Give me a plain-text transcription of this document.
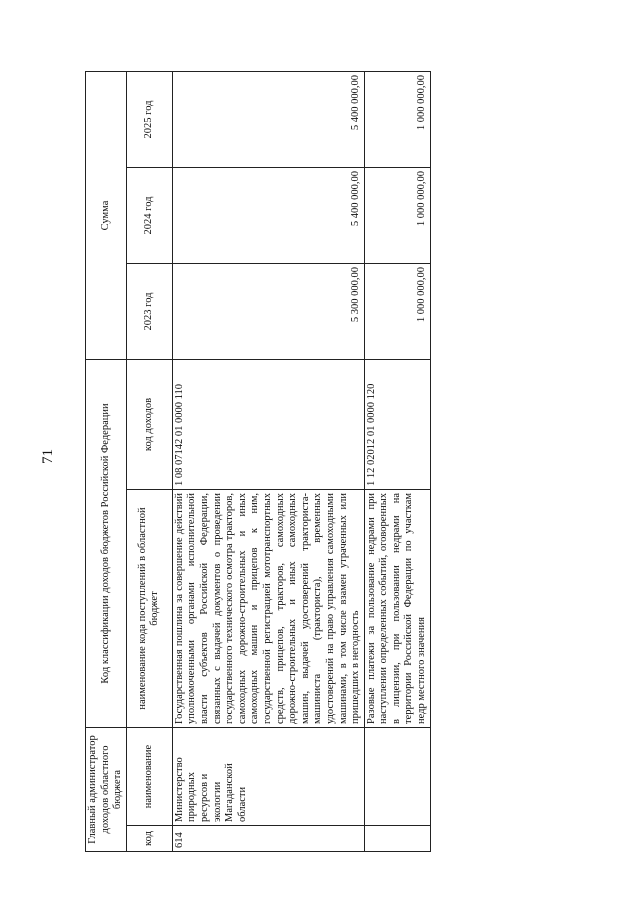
71
Главный администратор доходов областного бюджета		Код классификации доходов бюджетов Российской Федерации		Сумма		
код	наименование	наименование кода поступлений в областной бюджет	код доходов	2023 год	2024 год	2025 год
614	Министерство природных ресурсов и экологии Магаданской области	Государственная пошлина за совершение действий уполномоченными органами исполнительной власти субъектов Российской Федерации, связанных с выдачей документов о проведении государственного технического осмотра тракторов, самоходных дорожно-строительных и иных самоходных машин и прицепов к ним, государственной регистрацией мототранспортных средств, прицепов, тракторов, самоходных дорожно-строительных и иных самоходных машин, выдачей удостоверений тракториста-машиниста (тракториста), временных удостоверений на право управления самоходными машинами, в том числе взамен утраченных или пришедших в негодность	1 08 07142 01 0000 110	5 300 000,00	5 400 000,00	5 400 000,00
		Разовые платежи за пользование недрами при наступлении определенных событий, оговоренных в лицензии, при пользовании недрами на территории Российской Федерации по участкам недр местного значения	1 12 02012 01 0000 120	1 000 000,00	1 000 000,00	1 000 000,00
